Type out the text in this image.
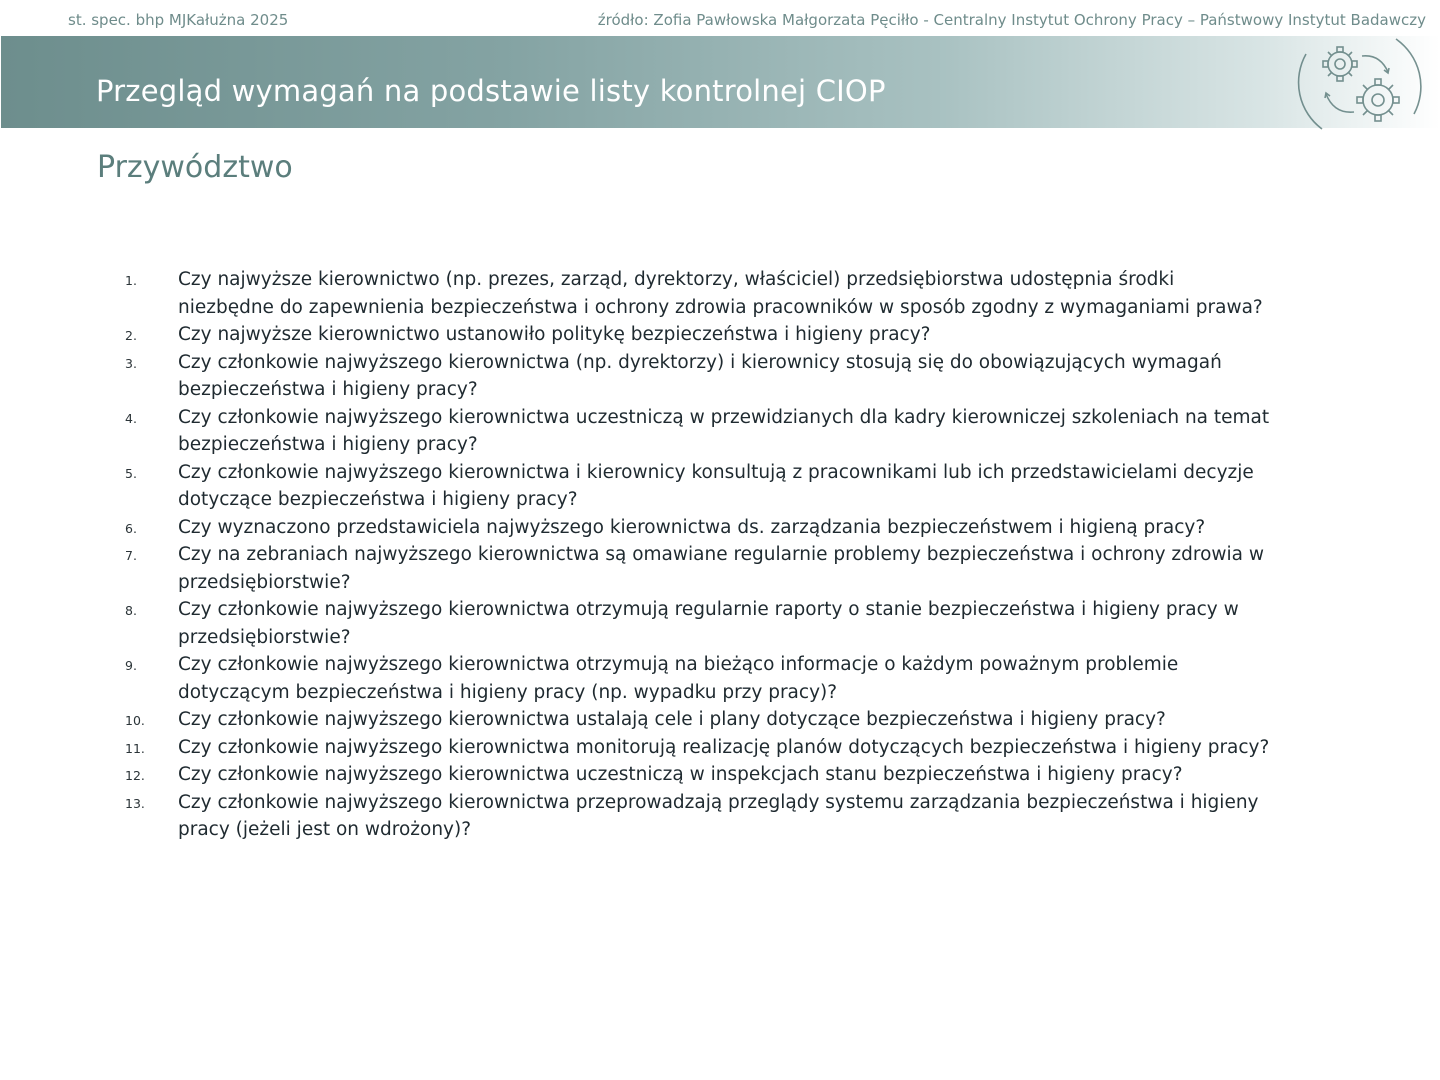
st. spec. bhp MJKałużna 2025	źródło: Zofia Pawłowska Małgorzata Pęciłło - Centralny Instytut Ochrony Pracy – Państwowy Instytut Badawczy
Przegląd wymagań na podstawie listy kontrolnej CIOP
Przywództwo
1.	Czy najwyższe kierownictwo (np. prezes, zarząd, dyrektorzy, właściciel) przedsiębiorstwa udostępnia środki niezbędne do zapewnienia bezpieczeństwa i ochrony zdrowia pracowników w sposób zgodny z wymaganiami prawa?
2.	Czy najwyższe kierownictwo ustanowiło politykę bezpieczeństwa i higieny pracy?
3.	Czy członkowie najwyższego kierownictwa (np. dyrektorzy) i kierownicy stosują się do obowiązujących wymagań bezpieczeństwa i higieny pracy?
4.	Czy członkowie najwyższego kierownictwa uczestniczą w przewidzianych dla kadry kierowniczej szkoleniach na temat bezpieczeństwa i higieny pracy?
5.	Czy członkowie najwyższego kierownictwa i kierownicy konsultują z pracownikami lub ich przedstawicielami decyzje dotyczące bezpieczeństwa i higieny pracy?
6.	Czy wyznaczono przedstawiciela najwyższego kierownictwa ds. zarządzania bezpieczeństwem i higieną pracy?
7.	Czy na zebraniach najwyższego kierownictwa są omawiane regularnie problemy bezpieczeństwa i ochrony zdrowia w przedsiębiorstwie?
8.	Czy członkowie najwyższego kierownictwa otrzymują regularnie raporty o stanie bezpieczeństwa i higieny pracy w przedsiębiorstwie?
9.	Czy członkowie najwyższego kierownictwa otrzymują na bieżąco informacje o każdym poważnym problemie dotyczącym bezpieczeństwa i higieny pracy (np. wypadku przy pracy)?
10.	Czy członkowie najwyższego kierownictwa ustalają cele i plany dotyczące bezpieczeństwa i higieny pracy?
11.	Czy członkowie najwyższego kierownictwa monitorują realizację planów dotyczących bezpieczeństwa i higieny pracy?
12.	Czy członkowie najwyższego kierownictwa uczestniczą w inspekcjach stanu bezpieczeństwa i higieny pracy?
13.	Czy członkowie najwyższego kierownictwa przeprowadzają przeglądy systemu zarządzania bezpieczeństwa i higieny pracy (jeżeli jest on wdrożony)?
